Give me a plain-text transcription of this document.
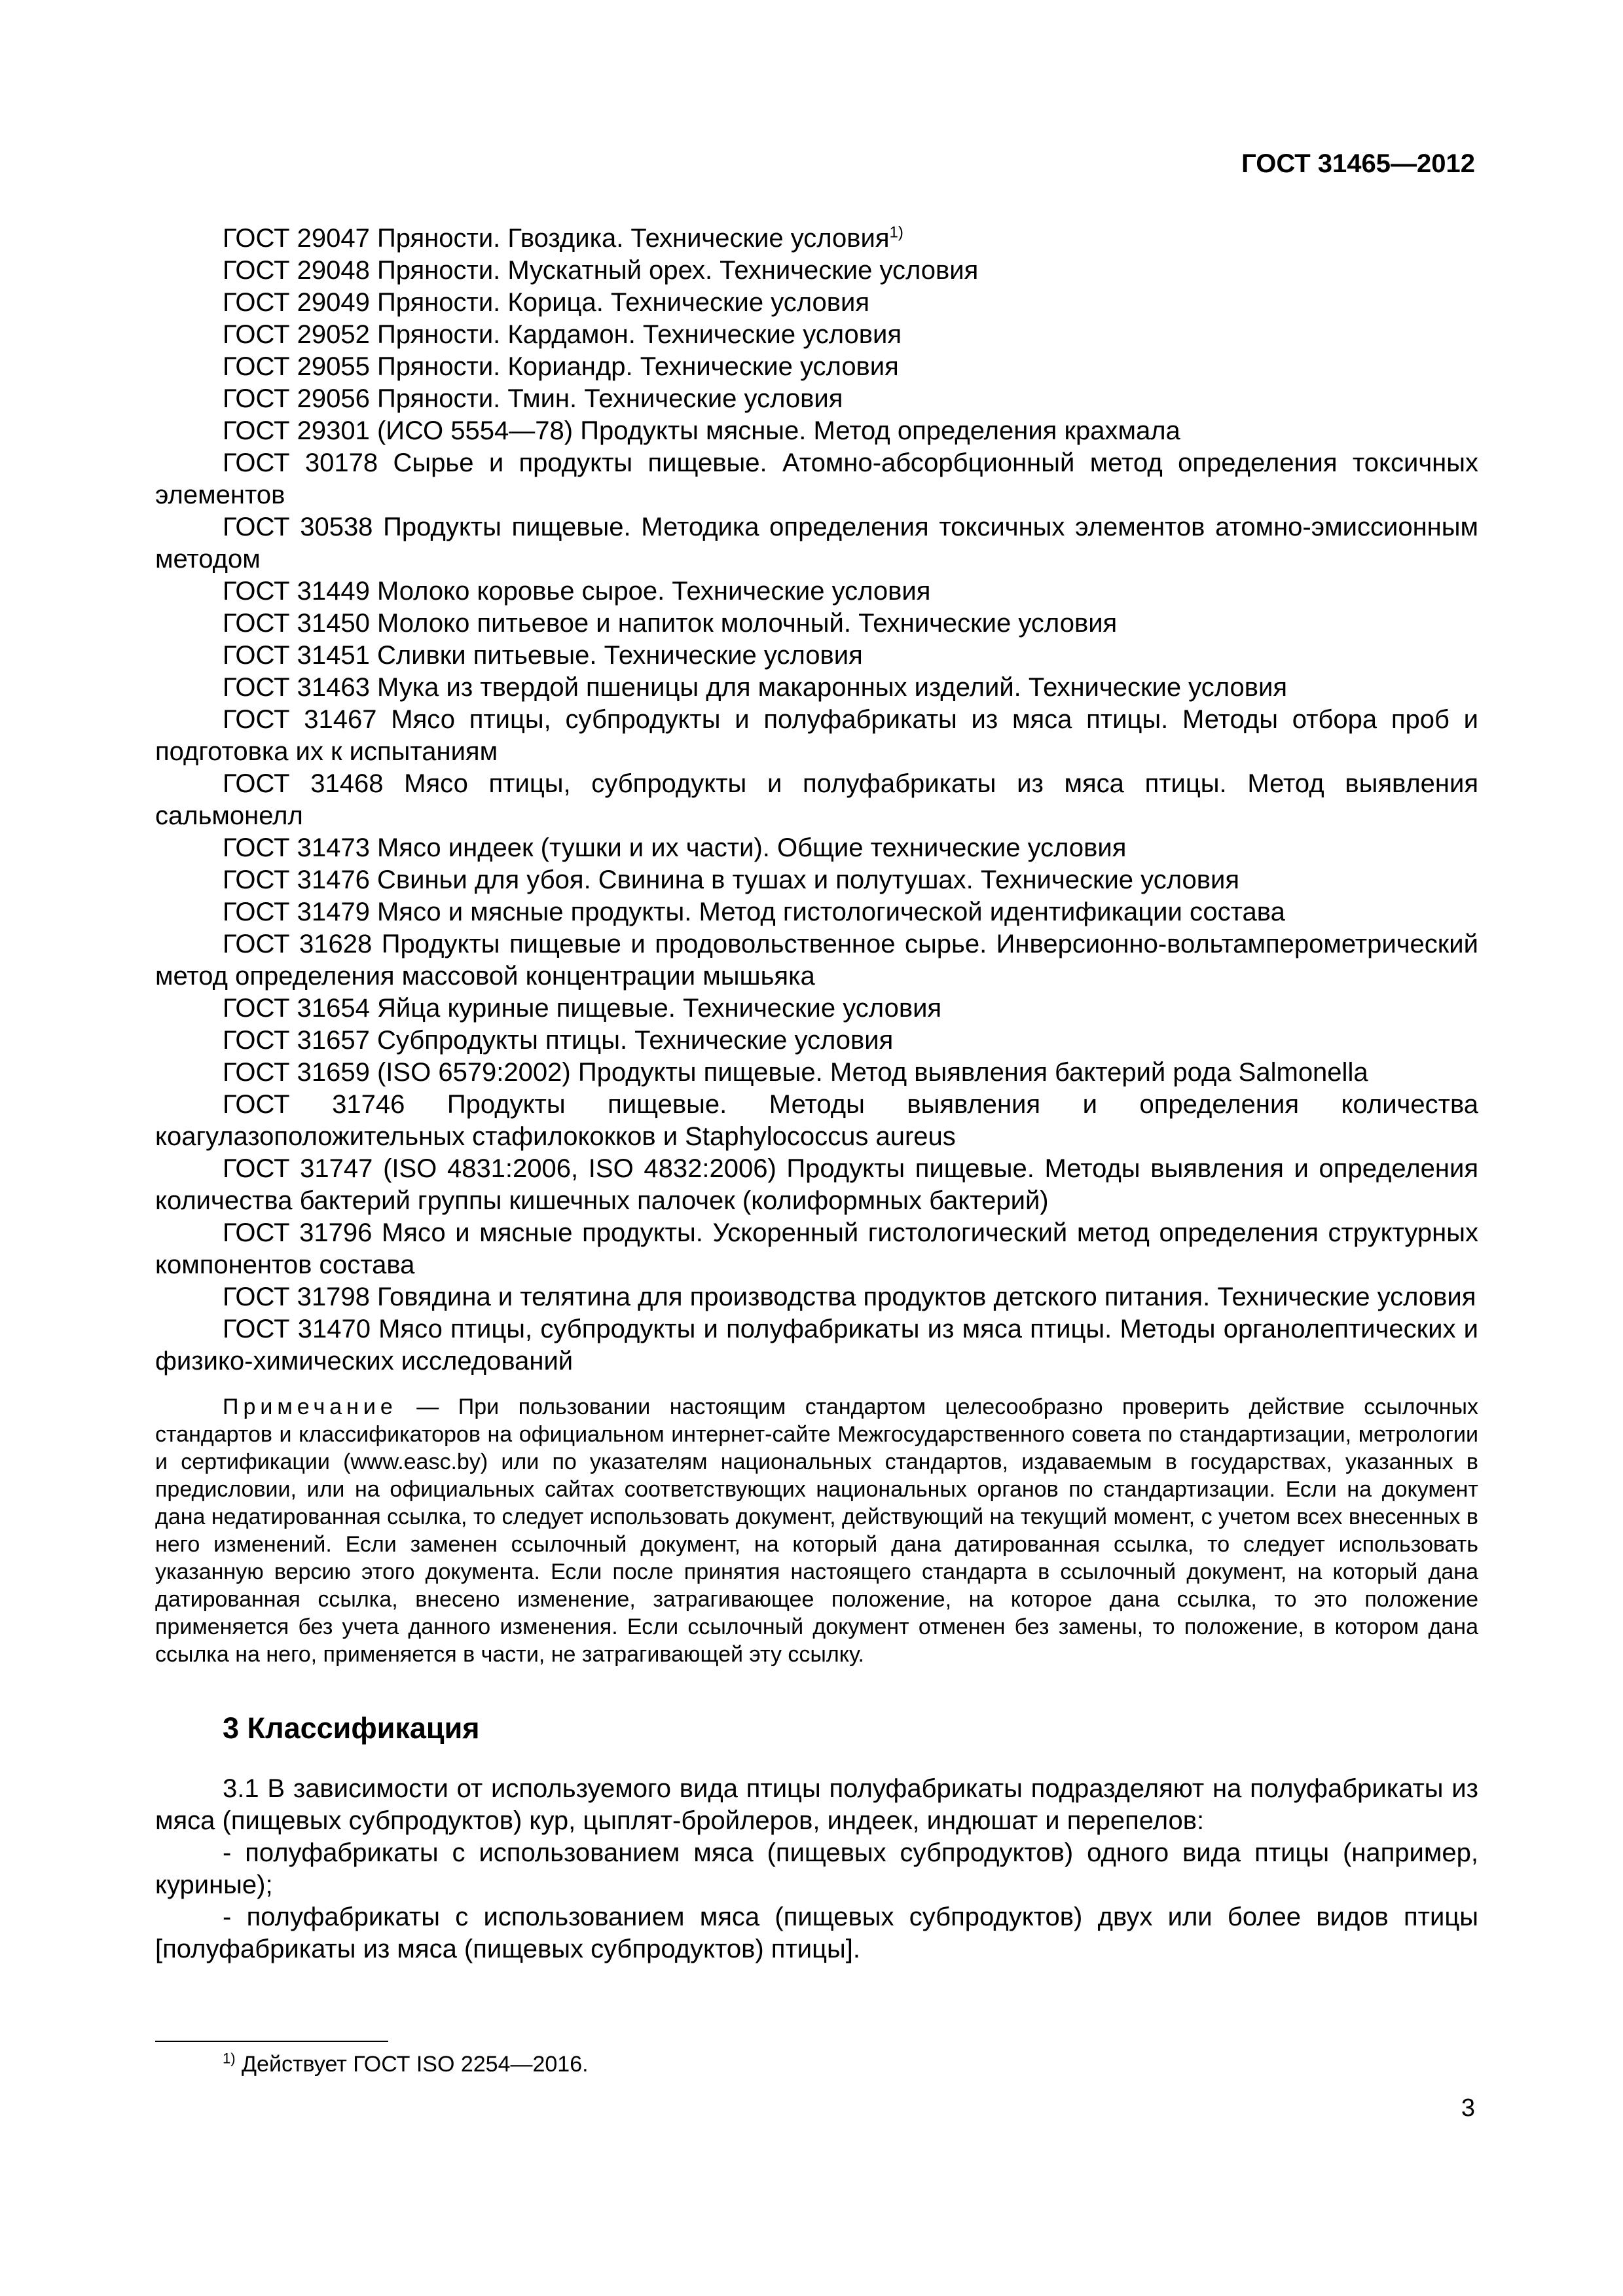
ГОСТ 31465—2012

ГОСТ 29047 Пряности. Гвоздика. Технические условия$^{1)}$

ГОСТ 29048 Пряности. Мускатный орех. Технические условия

ГОСТ 29049 Пряности. Корица. Технические условия

ГОСТ 29052 Пряности. Кардамон. Технические условия

ГОСТ 29055 Пряности. Кориандр. Технические условия

ГОСТ 29056 Пряности. Тмин. Технические условия

ГОСТ 29301 (ИСО 5554—78) Продукты мясные. Метод определения крахмала

ГОСТ 30178 Сырье и продукты пищевые. Атомно-абсорбционный метод определения токсичных элементов

ГОСТ 30538 Продукты пищевые. Методика определения токсичных элементов атомно-эмиссионным методом

ГОСТ 31449 Молоко коровье сырое. Технические условия

ГОСТ 31450 Молоко питьевое и напиток молочный. Технические условия

ГОСТ 31451 Сливки питьевые. Технические условия

ГОСТ 31463 Мука из твердой пшеницы для макаронных изделий. Технические условия

ГОСТ 31467 Мясо птицы, субпродукты и полуфабрикаты из мяса птицы. Методы отбора проб и подготовка их к испытаниям

ГОСТ 31468 Мясо птицы, субпродукты и полуфабрикаты из мяса птицы. Метод выявления сальмонелл

ГОСТ 31473 Мясо индеек (тушки и их части). Общие технические условия

ГОСТ 31476 Свиньи для убоя. Свинина в тушах и полутушах. Технические условия

ГОСТ 31479 Мясо и мясные продукты. Метод гистологической идентификации состава

ГОСТ 31628 Продукты пищевые и продовольственное сырье. Инверсионно-вольтамперометрический метод определения массовой концентрации мышьяка

ГОСТ 31654 Яйца куриные пищевые. Технические условия

ГОСТ 31657 Субпродукты птицы. Технические условия

ГОСТ 31659 (ISO 6579:2002) Продукты пищевые. Метод выявления бактерий рода Salmonella

ГОСТ 31746 Продукты пищевые. Методы выявления и определения количества коагулазоположительных стафилококков и Staphylococcus aureus

ГОСТ 31747 (ISO 4831:2006, ISO 4832:2006) Продукты пищевые. Методы выявления и определения количества бактерий группы кишечных палочек (колиформных бактерий)

ГОСТ 31796 Мясо и мясные продукты. Ускоренный гистологический метод определения структурных компонентов состава

ГОСТ 31798 Говядина и телятина для производства продуктов детского питания. Технические условия

ГОСТ 31470 Мясо птицы, субпродукты и полуфабрикаты из мяса птицы. Методы органолептических и физико-химических исследований

Примечание — При пользовании настоящим стандартом целесообразно проверить действие ссылочных стандартов и классификаторов на официальном интернет-сайте Межгосударственного совета по стандартизации, метрологии и сертификации (www.easc.by) или по указателям национальных стандартов, издаваемым в государствах, указанных в предисловии, или на официальных сайтах соответствующих национальных органов по стандартизации. Если на документ дана недатированная ссылка, то следует использовать документ, действующий на текущий момент, с учетом всех внесенных в него изменений. Если заменен ссылочный документ, на который дана датированная ссылка, то следует использовать указанную версию этого документа. Если после принятия настоящего стандарта в ссылочный документ, на который дана датированная ссылка, внесено изменение, затрагивающее положение, на которое дана ссылка, то это положение применяется без учета данного изменения. Если ссылочный документ отменен без замены, то положение, в котором дана ссылка на него, применяется в части, не затрагивающей эту ссылку.
3 Классификация

3.1 В зависимости от используемого вида птицы полуфабрикаты подразделяют на полуфабрикаты из мяса (пищевых субпродуктов) кур, цыплят-бройлеров, индеек, индюшат и перепелов:

- полуфабрикаты с использованием мяса (пищевых субпродуктов) одного вида птицы (например, куриные);

- полуфабрикаты с использованием мяса (пищевых субпродуктов) двух или более видов птицы [полуфабрикаты из мяса (пищевых субпродуктов) птицы].

$^{1)}$ Действует ГОСТ ISO 2254—2016.
3
